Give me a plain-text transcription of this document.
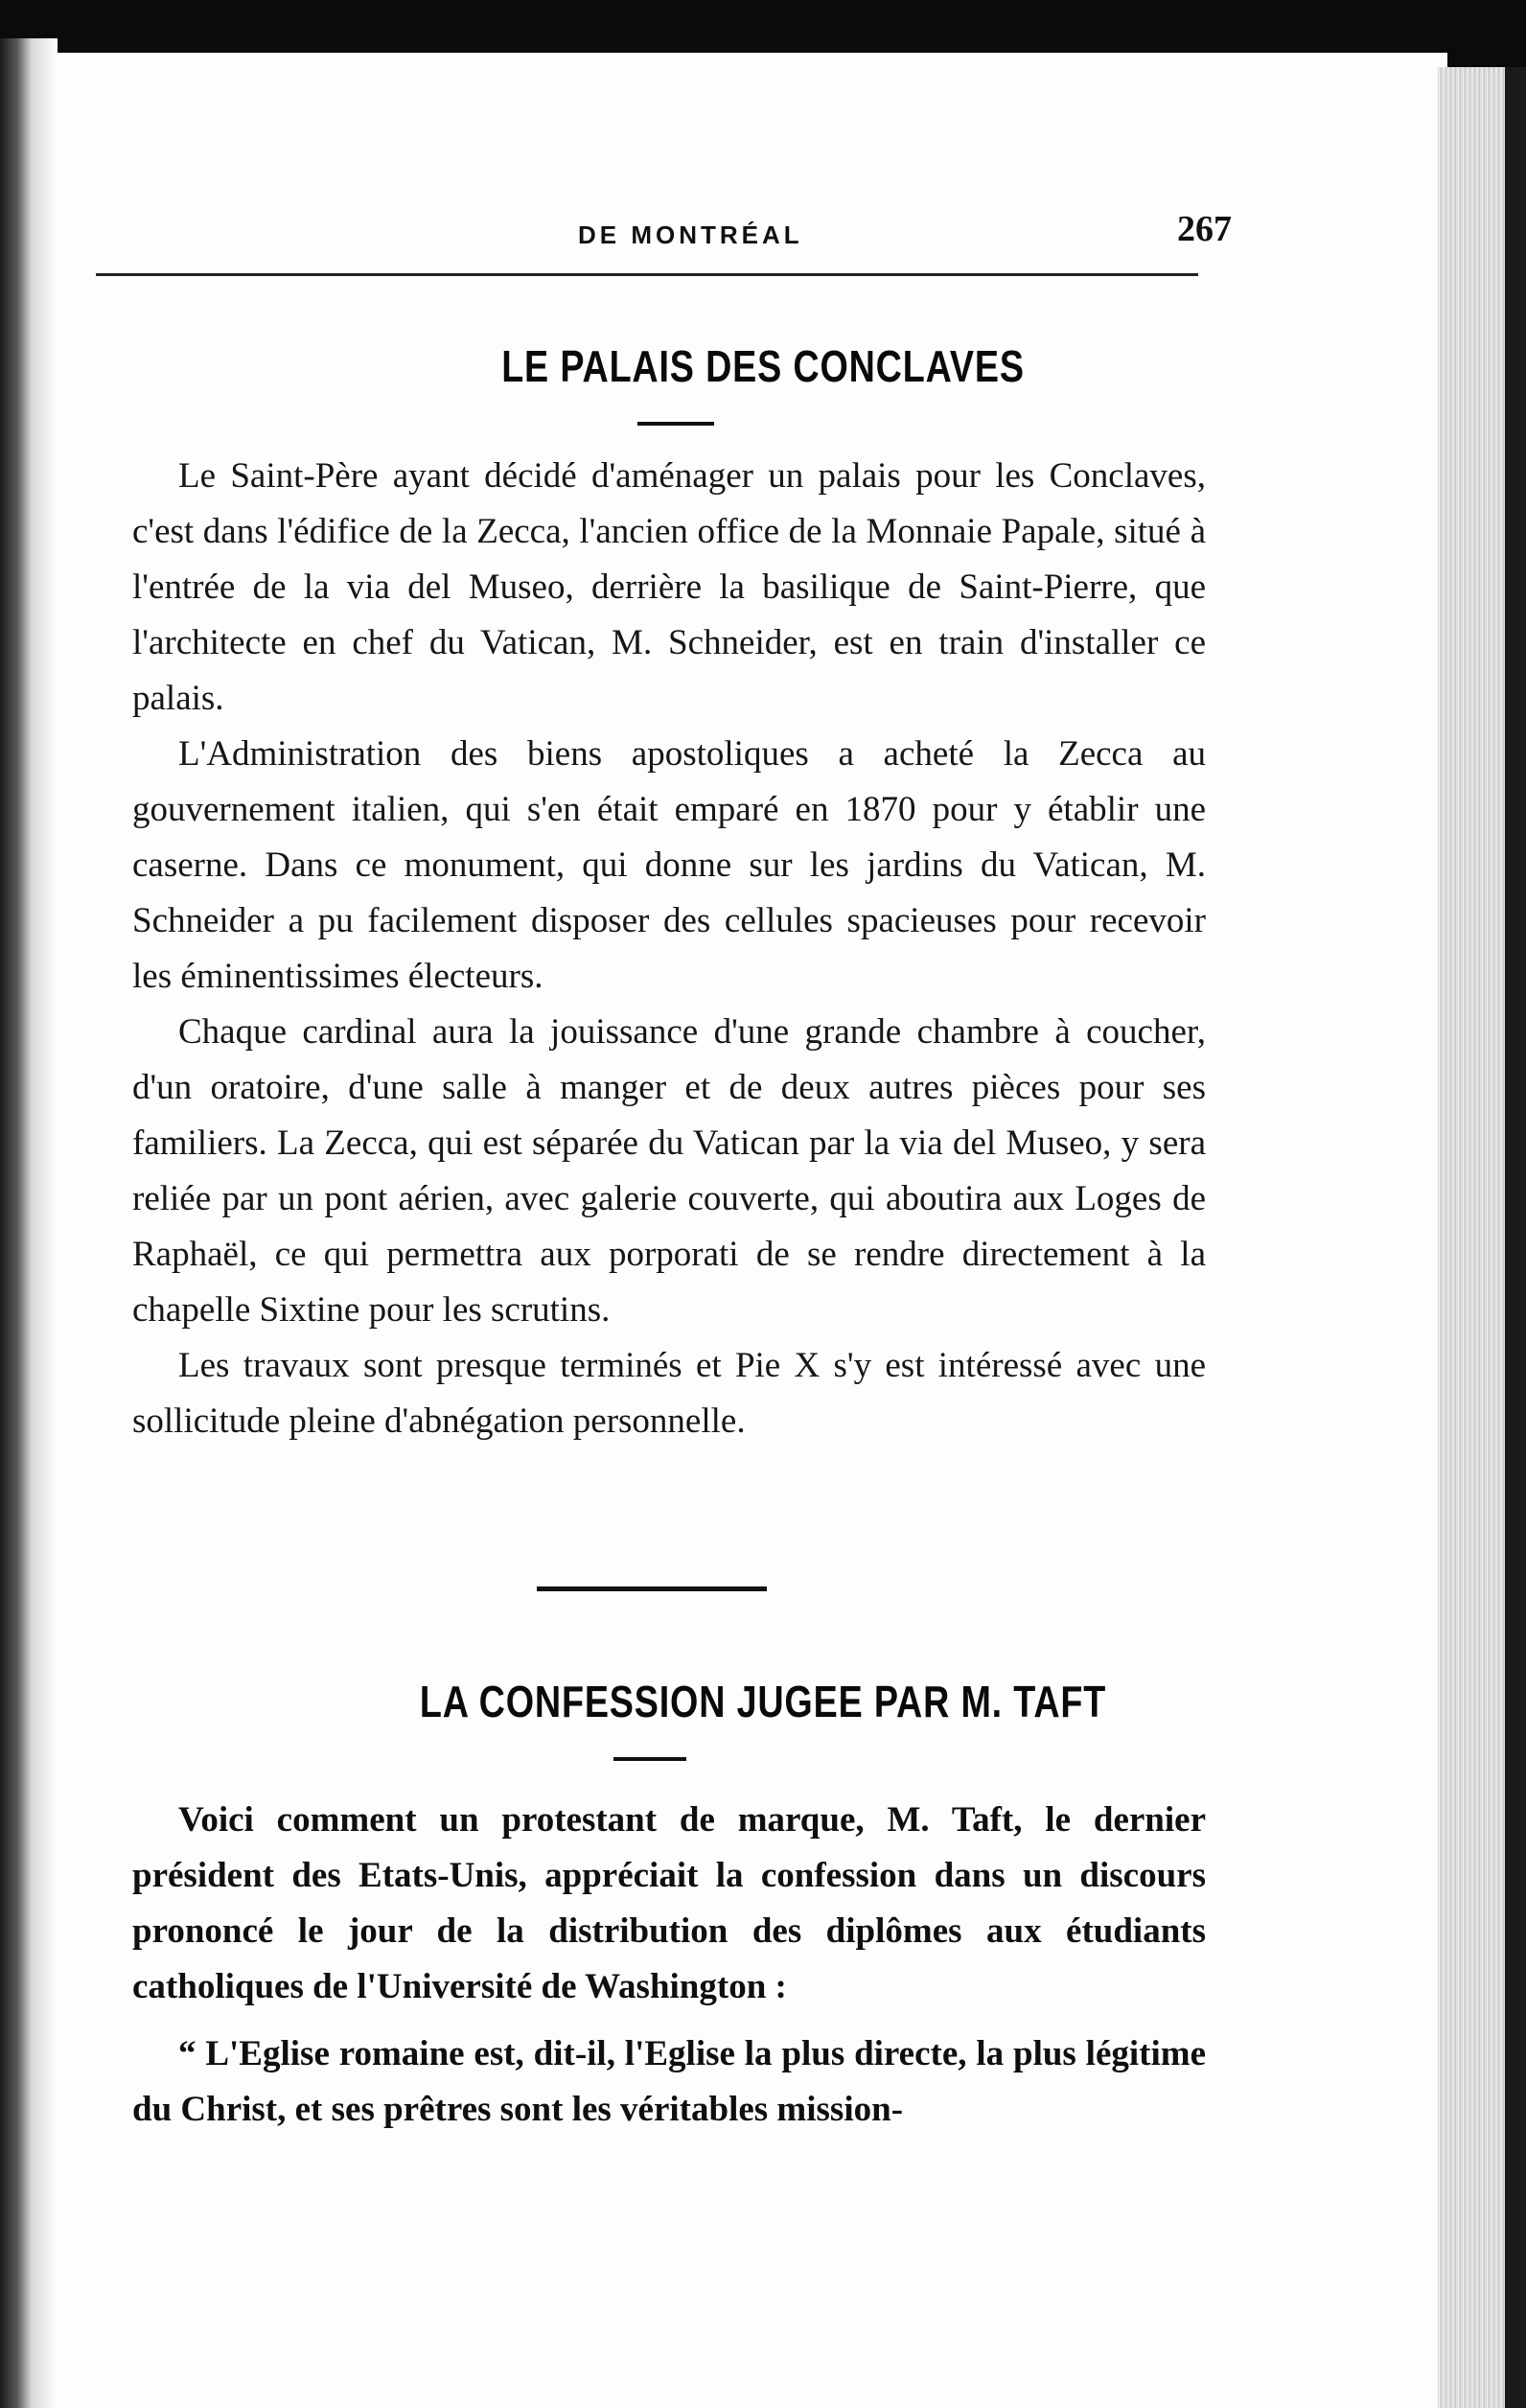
DE MONTRÉAL	267
LE PALAIS DES CONCLAVES

Le Saint-Père ayant décidé d'aménager un palais pour les Conclaves, c'est dans l'édifice de la Zecca, l'ancien office de la Monnaie Papale, situé à l'entrée de la via del Museo, derrière la basilique de Saint-Pierre, que l'architecte en chef du Vatican, M. Schneider, est en train d'installer ce palais.

L'Administration des biens apostoliques a acheté la Zecca au gouvernement italien, qui s'en était emparé en 1870 pour y établir une caserne. Dans ce monument, qui donne sur les jardins du Vatican, M. Schneider a pu facilement disposer des cellules spacieuses pour recevoir les éminentissimes électeurs.

Chaque cardinal aura la jouissance d'une grande chambre à coucher, d'un oratoire, d'une salle à manger et de deux autres pièces pour ses familiers. La Zecca, qui est séparée du Vatican par la via del Museo, y sera reliée par un pont aérien, avec galerie couverte, qui aboutira aux Loges de Raphaël, ce qui permettra aux porporati de se rendre directement à la chapelle Sixtine pour les scrutins.

Les travaux sont presque terminés et Pie X s'y est intéressé avec une sollicitude pleine d'abnégation personnelle.

LA CONFESSION JUGEE PAR M. TAFT

Voici comment un protestant de marque, M. Taft, le dernier président des Etats-Unis, appréciait la confession dans un discours prononcé le jour de la distribution des diplômes aux étudiants catholiques de l'Université de Washington :

“ L'Eglise romaine est, dit-il, l'Eglise la plus directe, la plus légitime du Christ, et ses prêtres sont les véritables mission-
